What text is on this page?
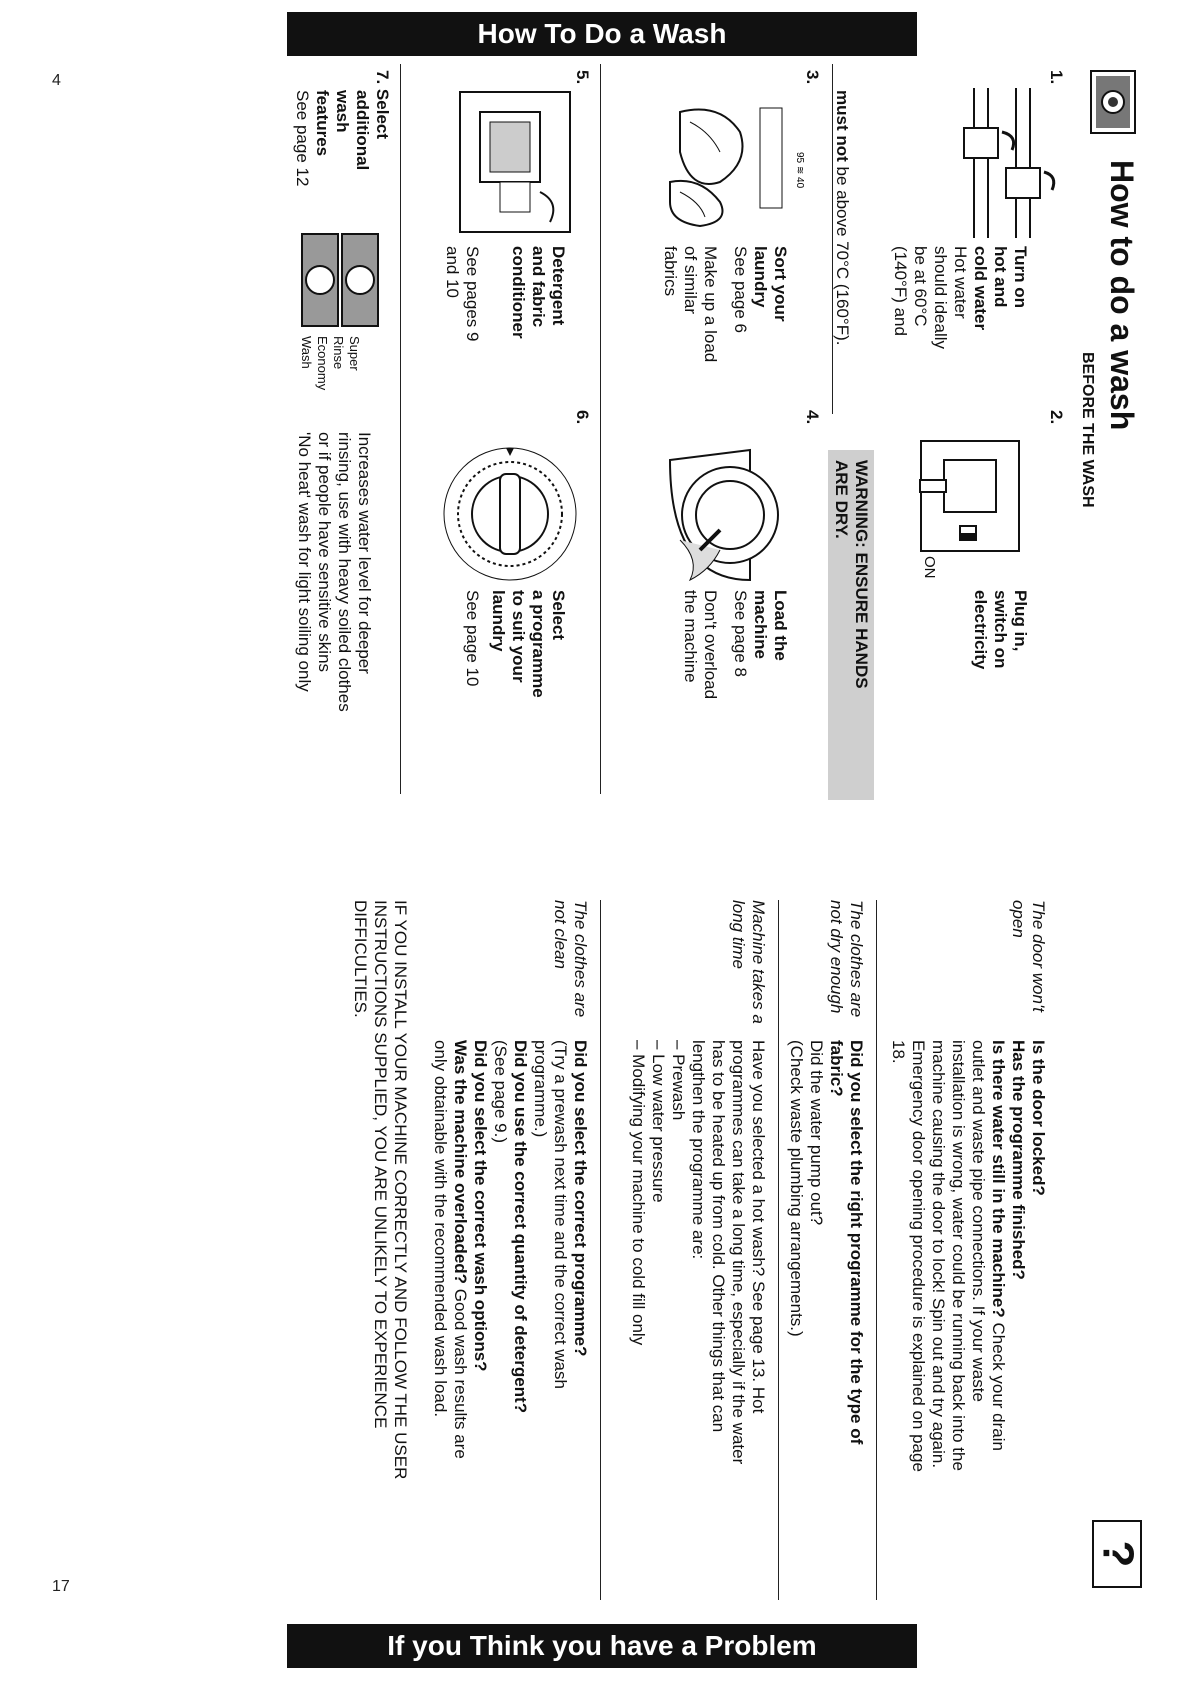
4
17
How To Do a Wash
If you Think you have a Problem
How to do a wash
BEFORE THE WASH
1.
Turn on
hot and
cold water
Hot water
should ideally
be at 60°C
(140°F) and
must not be above 70°C (160°F).
2.
ON
Plug in,
switch on
electricity
3.
95 ≋ 40
Sort your
laundry
See page 6
Make up a load
of similar
fabrics
WARNING: ENSURE HANDS
ARE DRY.
4.
Load the
machine
See page 8
Don't overload
the machine
5.
Detergent
and fabric
conditioner
See pages 9
and 10
6.
Select
a programme
to suit your
laundry
See page 10
7. Select
additional
wash
features
See page 12
Super
Rinse
Economy
Wash
Increases water level for deeper
rinsing, use with heavy soiled clothes
or if people have sensitive skins
'No heat' wash for light soiling only
?
The door won't
open
Is the door locked?
Has the programme finished?
Is there water still in the machine? Check your drain
outlet and waste pipe connections. If your waste
installation is wrong, water could be running back into the
machine causing the door to lock! Spin out and try again.
Emergency door opening procedure is explained on page
18.
The clothes are
not dry enough
Did you select the right programme for the type of
fabric?
Did the water pump out?
(Check waste plumbing arrangements.)
Machine takes a
long time
Have you selected a hot wash? See page 13. Hot
programmes can take a long time, especially if the water
has to be heated up from cold. Other things that can
lengthen the programme are:
– Prewash
– Low water pressure
– Modifying your machine to cold fill only
The clothes are
not clean
Did you select the correct programme?
(Try a prewash next time and the correct wash
programme.)
Did you use the correct quantity of detergent?
(See page 9.)
Did you select the correct wash options?
Was the machine overloaded? Good wash results are
only obtainable with the recommended wash load.
IF YOU INSTALL YOUR MACHINE CORRECTLY AND FOLLOW THE USER
INSTRUCTIONS SUPPLIED, YOU ARE UNLIKELY TO EXPERIENCE
DIFFICULTIES.
